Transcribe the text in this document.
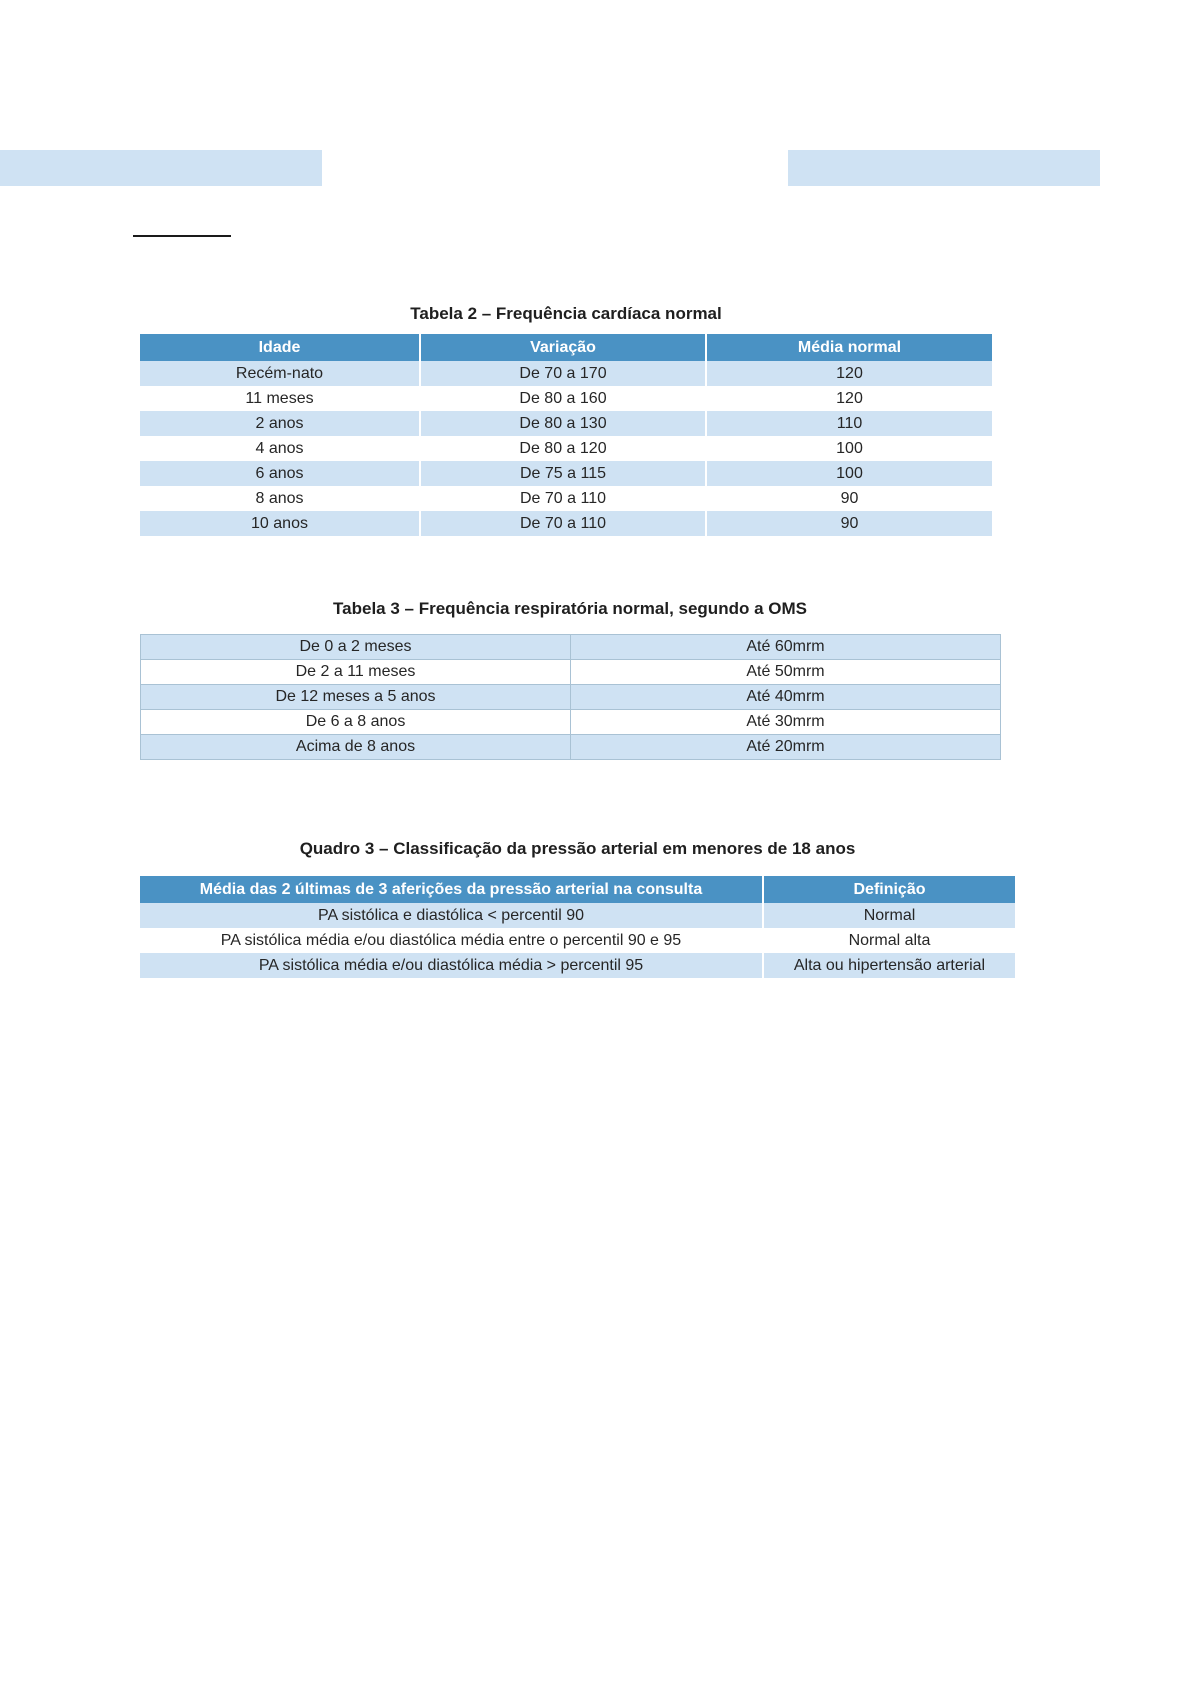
Tabela 2 – Frequência cardíaca normal
Idade	Variação	Média normal
Recém-nato	De 70 a 170	120
11 meses	De 80 a 160	120
2 anos	De 80 a 130	110
4 anos	De 80 a 120	100
6 anos	De 75 a 115	100
8 anos	De 70 a 110	90
10 anos	De 70 a 110	90
Tabela 3 – Frequência respiratória normal, segundo a OMS
De 0 a 2 meses	Até 60mrm
De 2 a 11 meses	Até 50mrm
De 12 meses a 5 anos	Até 40mrm
De 6 a 8 anos	Até 30mrm
Acima de 8 anos	Até 20mrm
Quadro 3 – Classificação da pressão arterial em menores de 18 anos
Média das 2 últimas de 3 aferições da pressão arterial na consulta	Definição
PA sistólica e diastólica < percentil 90	Normal
PA sistólica média e/ou diastólica média entre o percentil 90 e 95	Normal alta
PA sistólica média e/ou diastólica média > percentil 95	Alta ou hipertensão arterial
